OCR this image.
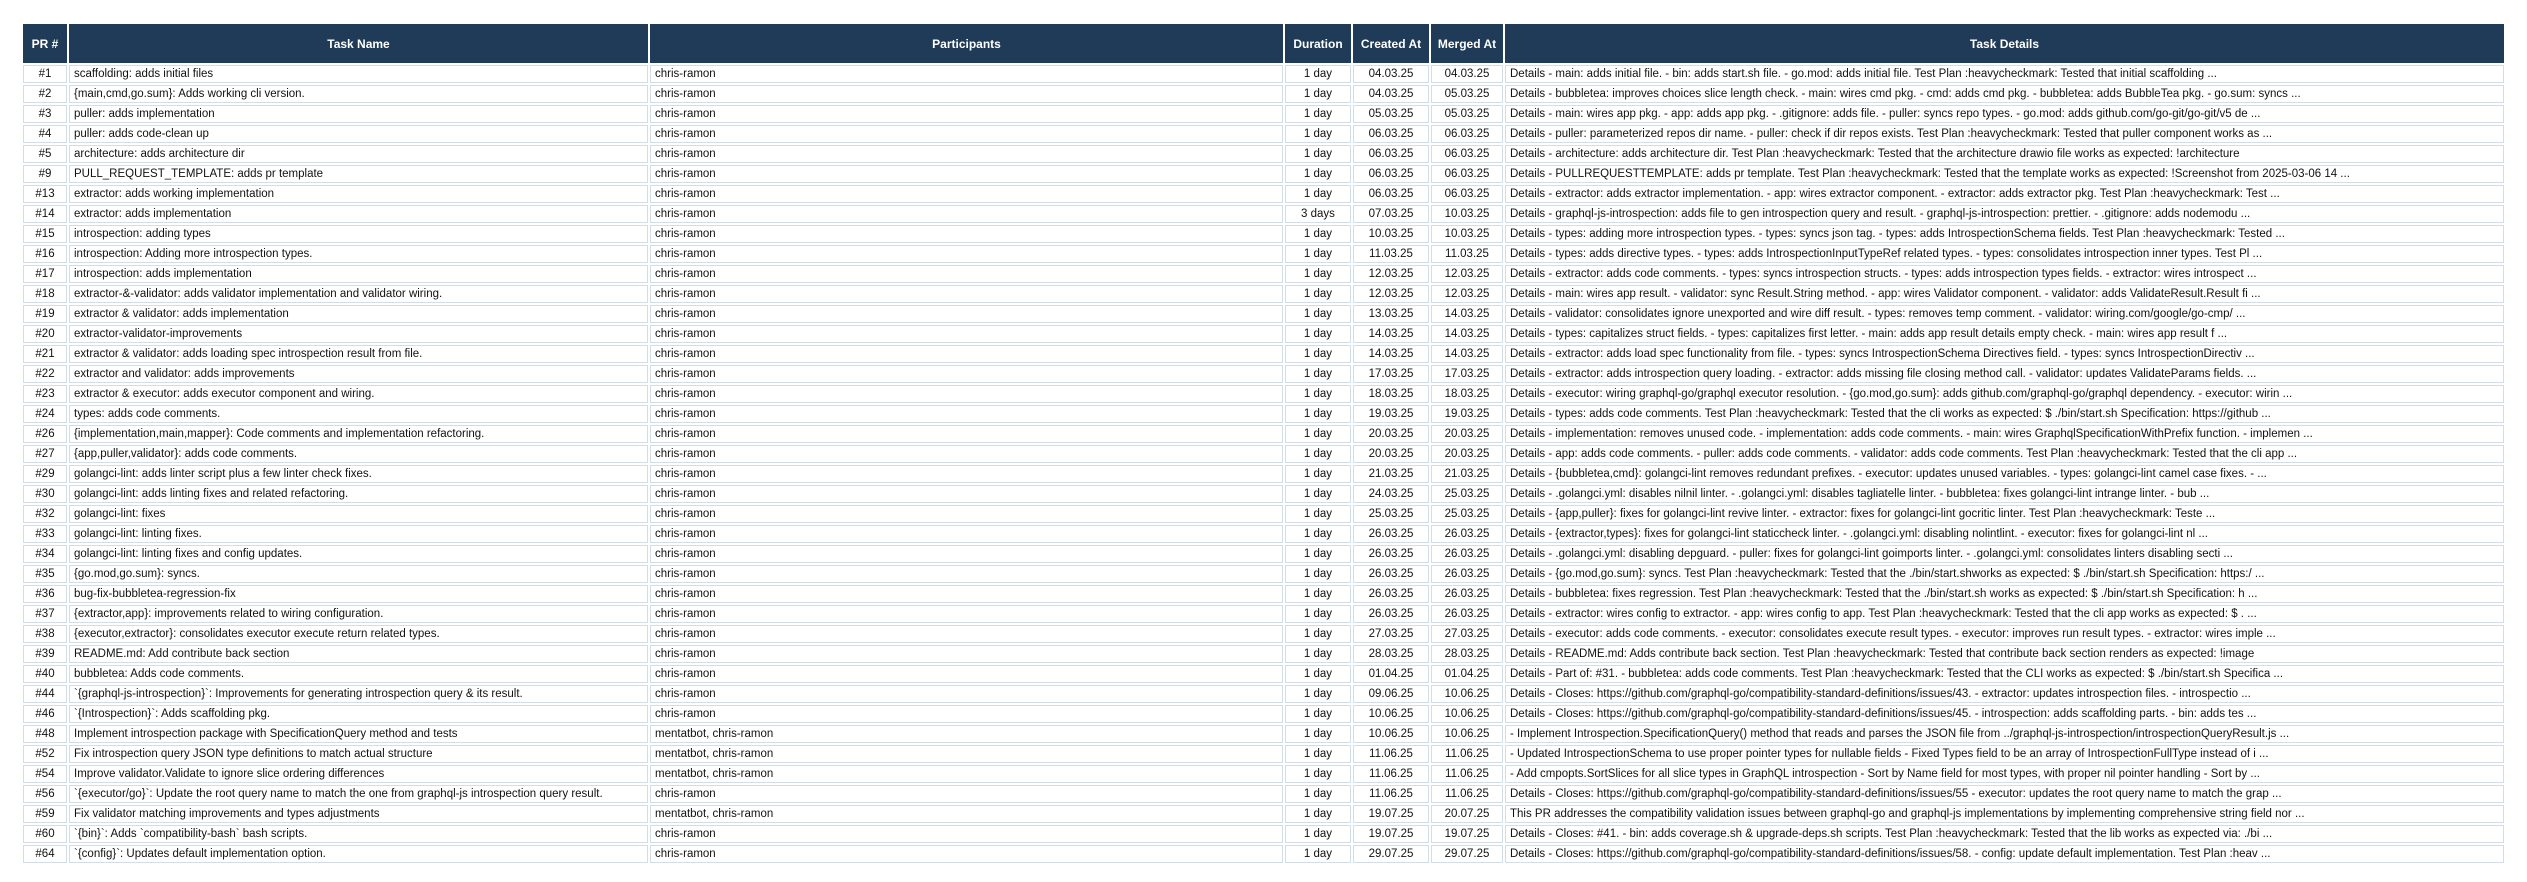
PR #	Task Name	Participants	Duration	Created At	Merged At	Task Details
#1	scaffolding: adds initial files	chris-ramon	1 day	04.03.25	04.03.25	Details - main: adds initial file. - bin: adds start.sh file. - go.mod: adds initial file. Test Plan :heavycheckmark: Tested that initial scaffolding ...
#2	{main,cmd,go.sum}: Adds working cli version.	chris-ramon	1 day	04.03.25	05.03.25	Details - bubbletea: improves choices slice length check. - main: wires cmd pkg. - cmd: adds cmd pkg. - bubbletea: adds BubbleTea pkg. - go.sum: syncs ...
#3	puller: adds implementation	chris-ramon	1 day	05.03.25	05.03.25	Details - main: wires app pkg. - app: adds app pkg. - .gitignore: adds file. - puller: syncs repo types. - go.mod: adds github.com/go-git/go-git/v5 de ...
#4	puller: adds code-clean up	chris-ramon	1 day	06.03.25	06.03.25	Details - puller: parameterized repos dir name. - puller: check if dir repos exists. Test Plan :heavycheckmark: Tested that puller component works as ...
#5	architecture: adds architecture dir	chris-ramon	1 day	06.03.25	06.03.25	Details - architecture: adds architecture dir. Test Plan :heavycheckmark: Tested that the architecture drawio file works as expected: !architecture
#9	PULL_REQUEST_TEMPLATE: adds pr template	chris-ramon	1 day	06.03.25	06.03.25	Details - PULLREQUESTTEMPLATE: adds pr template. Test Plan :heavycheckmark: Tested that the template works as expected: !Screenshot from 2025-03-06 14 ...
#13	extractor: adds working implementation	chris-ramon	1 day	06.03.25	06.03.25	Details - extractor: adds extractor implementation. - app: wires extractor component. - extractor: adds extractor pkg. Test Plan :heavycheckmark: Test ...
#14	extractor: adds implementation	chris-ramon	3 days	07.03.25	10.03.25	Details - graphql-js-introspection: adds file to gen introspection query and result. - graphql-js-introspection: prettier. - .gitignore: adds nodemodu ...
#15	introspection: adding types	chris-ramon	1 day	10.03.25	10.03.25	Details - types: adding more introspection types. - types: syncs json tag. - types: adds IntrospectionSchema fields. Test Plan :heavycheckmark: Tested ...
#16	introspection: Adding more introspection types.	chris-ramon	1 day	11.03.25	11.03.25	Details - types: adds directive types. - types: adds IntrospectionInputTypeRef related types. - types: consolidates introspection inner types. Test Pl ...
#17	introspection: adds implementation	chris-ramon	1 day	12.03.25	12.03.25	Details - extractor: adds code comments. - types: syncs introspection structs. - types: adds introspection types fields. - extractor: wires introspect ...
#18	extractor-&-validator: adds validator implementation and validator wiring.	chris-ramon	1 day	12.03.25	12.03.25	Details - main: wires app result. - validator: sync Result.String method. - app: wires Validator component. - validator: adds ValidateResult.Result fi ...
#19	extractor & validator: adds implementation	chris-ramon	1 day	13.03.25	14.03.25	Details - validator: consolidates ignore unexported and wire diff result. - types: removes temp comment. - validator: wiring.com/google/go-cmp/ ...
#20	extractor-validator-improvements	chris-ramon	1 day	14.03.25	14.03.25	Details - types: capitalizes struct fields. - types: capitalizes first letter. - main: adds app result details empty check. - main: wires app result f ...
#21	extractor & validator: adds loading spec introspection result from file.	chris-ramon	1 day	14.03.25	14.03.25	Details - extractor: adds load spec functionality from file. - types: syncs IntrospectionSchema Directives field. - types: syncs IntrospectionDirectiv ...
#22	extractor and validator: adds improvements	chris-ramon	1 day	17.03.25	17.03.25	Details - extractor: adds introspection query loading. - extractor: adds missing file closing method call. - validator: updates ValidateParams fields. ...
#23	extractor & executor: adds executor component and wiring.	chris-ramon	1 day	18.03.25	18.03.25	Details - executor: wiring graphql-go/graphql executor resolution. - {go.mod,go.sum}: adds github.com/graphql-go/graphql dependency. - executor: wirin ...
#24	types: adds code comments.	chris-ramon	1 day	19.03.25	19.03.25	Details - types: adds code comments. Test Plan :heavycheckmark: Tested that the cli works as expected: $ ./bin/start.sh Specification: https://github ...
#26	{implementation,main,mapper}: Code comments and implementation refactoring.	chris-ramon	1 day	20.03.25	20.03.25	Details - implementation: removes unused code. - implementation: adds code comments. - main: wires GraphqlSpecificationWithPrefix function. - implemen ...
#27	{app,puller,validator}: adds code comments.	chris-ramon	1 day	20.03.25	20.03.25	Details - app: adds code comments. - puller: adds code comments. - validator: adds code comments. Test Plan :heavycheckmark: Tested that the cli app ...
#29	golangci-lint: adds linter script plus a few linter check fixes.	chris-ramon	1 day	21.03.25	21.03.25	Details - {bubbletea,cmd}: golangci-lint removes redundant prefixes. - executor: updates unused variables. - types: golangci-lint camel case fixes. - ...
#30	golangci-lint: adds linting fixes and related refactoring.	chris-ramon	1 day	24.03.25	25.03.25	Details - .golangci.yml: disables nilnil linter. - .golangci.yml: disables tagliatelle linter. - bubbletea: fixes golangci-lint intrange linter. - bub ...
#32	golangci-lint: fixes	chris-ramon	1 day	25.03.25	25.03.25	Details - {app,puller}: fixes for golangci-lint revive linter. - extractor: fixes for golangci-lint gocritic linter. Test Plan :heavycheckmark: Teste ...
#33	golangci-lint: linting fixes.	chris-ramon	1 day	26.03.25	26.03.25	Details - {extractor,types}: fixes for golangci-lint staticcheck linter. - .golangci.yml: disabling nolintlint. - executor: fixes for golangci-lint nl ...
#34	golangci-lint: linting fixes and config updates.	chris-ramon	1 day	26.03.25	26.03.25	Details - .golangci.yml: disabling depguard. - puller: fixes for golangci-lint goimports linter. - .golangci.yml: consolidates linters disabling secti ...
#35	{go.mod,go.sum}: syncs.	chris-ramon	1 day	26.03.25	26.03.25	Details - {go.mod,go.sum}: syncs. Test Plan :heavycheckmark: Tested that the ./bin/start.shworks as expected: $ ./bin/start.sh Specification: https:/ ...
#36	bug-fix-bubbletea-regression-fix	chris-ramon	1 day	26.03.25	26.03.25	Details - bubbletea: fixes regression. Test Plan :heavycheckmark: Tested that the ./bin/start.sh works as expected: $ ./bin/start.sh Specification: h ...
#37	{extractor,app}: improvements related to wiring configuration.	chris-ramon	1 day	26.03.25	26.03.25	Details - extractor: wires config to extractor. - app: wires config to app. Test Plan :heavycheckmark: Tested that the cli app works as expected: $ . ...
#38	{executor,extractor}: consolidates executor execute return related types.	chris-ramon	1 day	27.03.25	27.03.25	Details - executor: adds code comments. - executor: consolidates execute result types. - executor: improves run result types. - extractor: wires imple ...
#39	README.md: Add contribute back section	chris-ramon	1 day	28.03.25	28.03.25	Details - README.md: Adds contribute back section. Test Plan :heavycheckmark: Tested that contribute back section renders as expected: !image
#40	bubbletea: Adds code comments.	chris-ramon	1 day	01.04.25	01.04.25	Details - Part of: #31. - bubbletea: adds code comments. Test Plan :heavycheckmark: Tested that the CLI works as expected: $ ./bin/start.sh Specifica ...
#44	`{graphql-js-introspection}`: Improvements for generating introspection query & its result.	chris-ramon	1 day	09.06.25	10.06.25	Details - Closes: https://github.com/graphql-go/compatibility-standard-definitions/issues/43. - extractor: updates introspection files. - introspectio ...
#46	`{Introspection}`: Adds scaffolding pkg.	chris-ramon	1 day	10.06.25	10.06.25	Details - Closes: https://github.com/graphql-go/compatibility-standard-definitions/issues/45. - introspection: adds scaffolding parts. - bin: adds tes ...
#48	Implement introspection package with SpecificationQuery method and tests	mentatbot, chris-ramon	1 day	10.06.25	10.06.25	- Implement Introspection.SpecificationQuery() method that reads and parses the JSON file from ../graphql-js-introspection/introspectionQueryResult.js ...
#52	Fix introspection query JSON type definitions to match actual structure	mentatbot, chris-ramon	1 day	11.06.25	11.06.25	- Updated IntrospectionSchema to use proper pointer types for nullable fields - Fixed Types field to be an array of IntrospectionFullType instead of i ...
#54	Improve validator.Validate to ignore slice ordering differences	mentatbot, chris-ramon	1 day	11.06.25	11.06.25	- Add cmpopts.SortSlices for all slice types in GraphQL introspection - Sort by Name field for most types, with proper nil pointer handling - Sort by ...
#56	`{executor/go}`: Update the root query name to match the one from graphql-js introspection query result.	chris-ramon	1 day	11.06.25	11.06.25	Details - Closes: https://github.com/graphql-go/compatibility-standard-definitions/issues/55 - executor: updates the root query name to match the grap ...
#59	Fix validator matching improvements and types adjustments	mentatbot, chris-ramon	1 day	19.07.25	20.07.25	This PR addresses the compatibility validation issues between graphql-go and graphql-js implementations by implementing comprehensive string field nor ...
#60	`{bin}`: Adds `compatibility-bash` bash scripts.	chris-ramon	1 day	19.07.25	19.07.25	Details - Closes: #41. - bin: adds coverage.sh & upgrade-deps.sh scripts. Test Plan :heavycheckmark: Tested that the lib works as expected via: ./bi ...
#64	`{config}`: Updates default implementation option.	chris-ramon	1 day	29.07.25	29.07.25	Details - Closes: https://github.com/graphql-go/compatibility-standard-definitions/issues/58. - config: update default implementation. Test Plan :heav ...
